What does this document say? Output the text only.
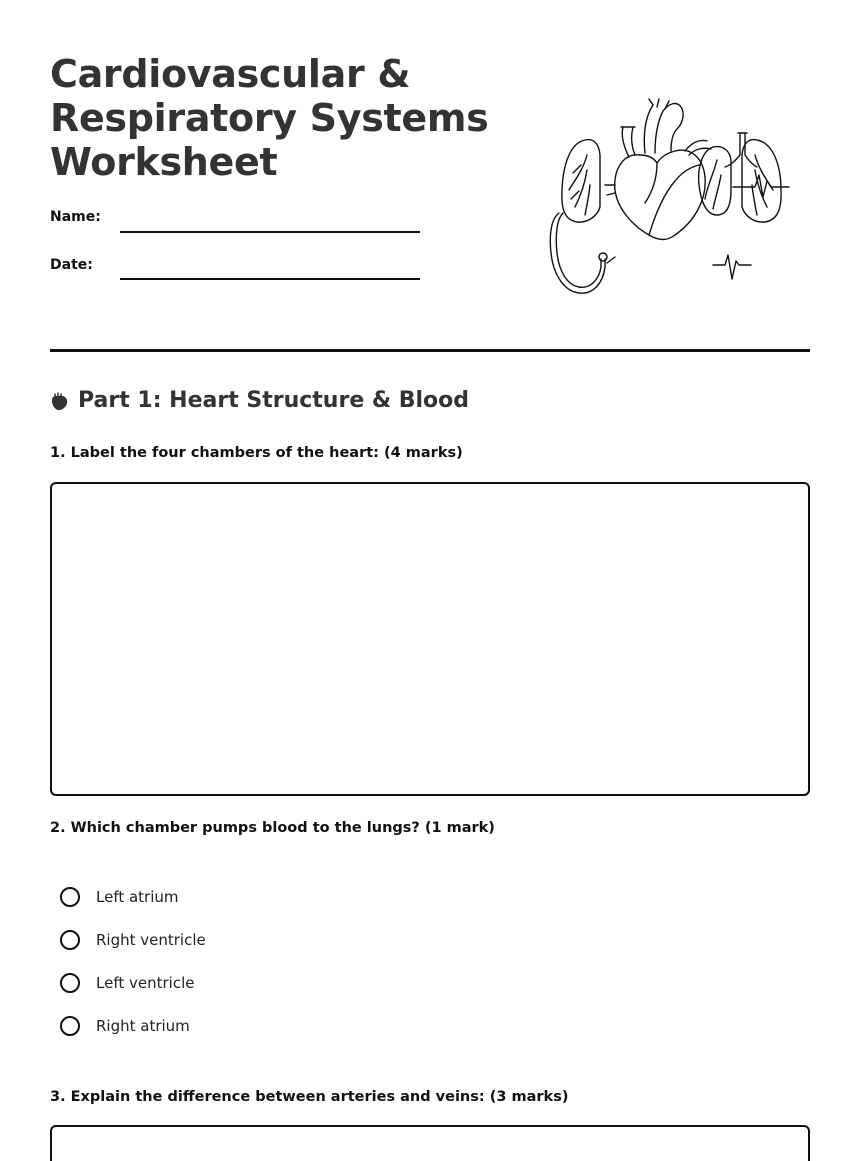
Cardiovascular &
Respiratory Systems
Worksheet
Name:
Date:
Part 1: Heart Structure & Blood
1. Label the four chambers of the heart: (4 marks)
2. Which chamber pumps blood to the lungs? (1 mark)
Left atrium
Right ventricle
Left ventricle
Right atrium
3. Explain the difference between arteries and veins: (3 marks)
